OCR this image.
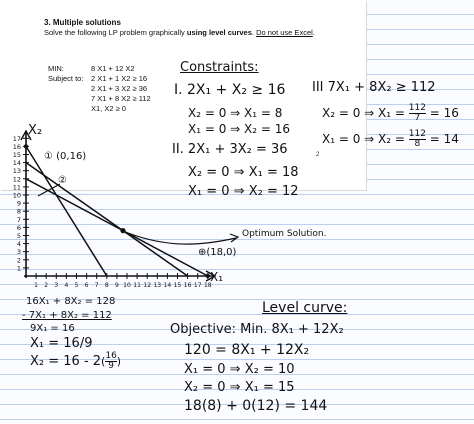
3. Multiple solutions
Solve the following LP problem graphically using level curves. Do not use Excel.
MIN:
Subject to:
8 X1 + 12 X2
2 X1 + 1 X2 ≥ 16
2 X1 + 3 X2 ≥ 36
7 X1 + 8 X2 ≥ 112
X1, X2 ≥ 0
2
Constraints:
I. 2X₁ + X₂ ≥ 16
X₂ = 0 ⇒ X₁ = 8
X₁ = 0 ⇒ X₂ = 16
II. 2X₁ + 3X₂ = 36
X₂ = 0 ⇒ X₁ = 18
X₁ = 0 ⇒ X₂ = 12
III 7X₁ + 8X₂ ≥ 112
X₂ = 0 ⇒ $X_1 = \frac{112}{7} = 16$
X₁ = 0 ⇒ $X_2 = \frac{112}{8} = 14$
17
16
15
14
13
12
11
10
9
8
7
6
5
4
3
2
1
1 2 3 4 5 6 7 8 9 10 11 12 13 14 15 16 17 18
X₂
X₁
① (0,16)
②
Optimum Solution.
⊕(18,0)
16X₁ + 8X₂ = 128
- 7X₁ + 8X₂ = 112
9X₁ = 16
X₁ = 16/9
$X_2 = 16 - 2( \frac{16}{9}$ )
Level curve:
Objective: Min. 8X₁ + 12X₂
120 = 8X₁ + 12X₂
X₁ = 0 ⇒ X₂ = 10
X₂ = 0 ⇒ X₁ = 15
18(8) + 0(12) = 144
